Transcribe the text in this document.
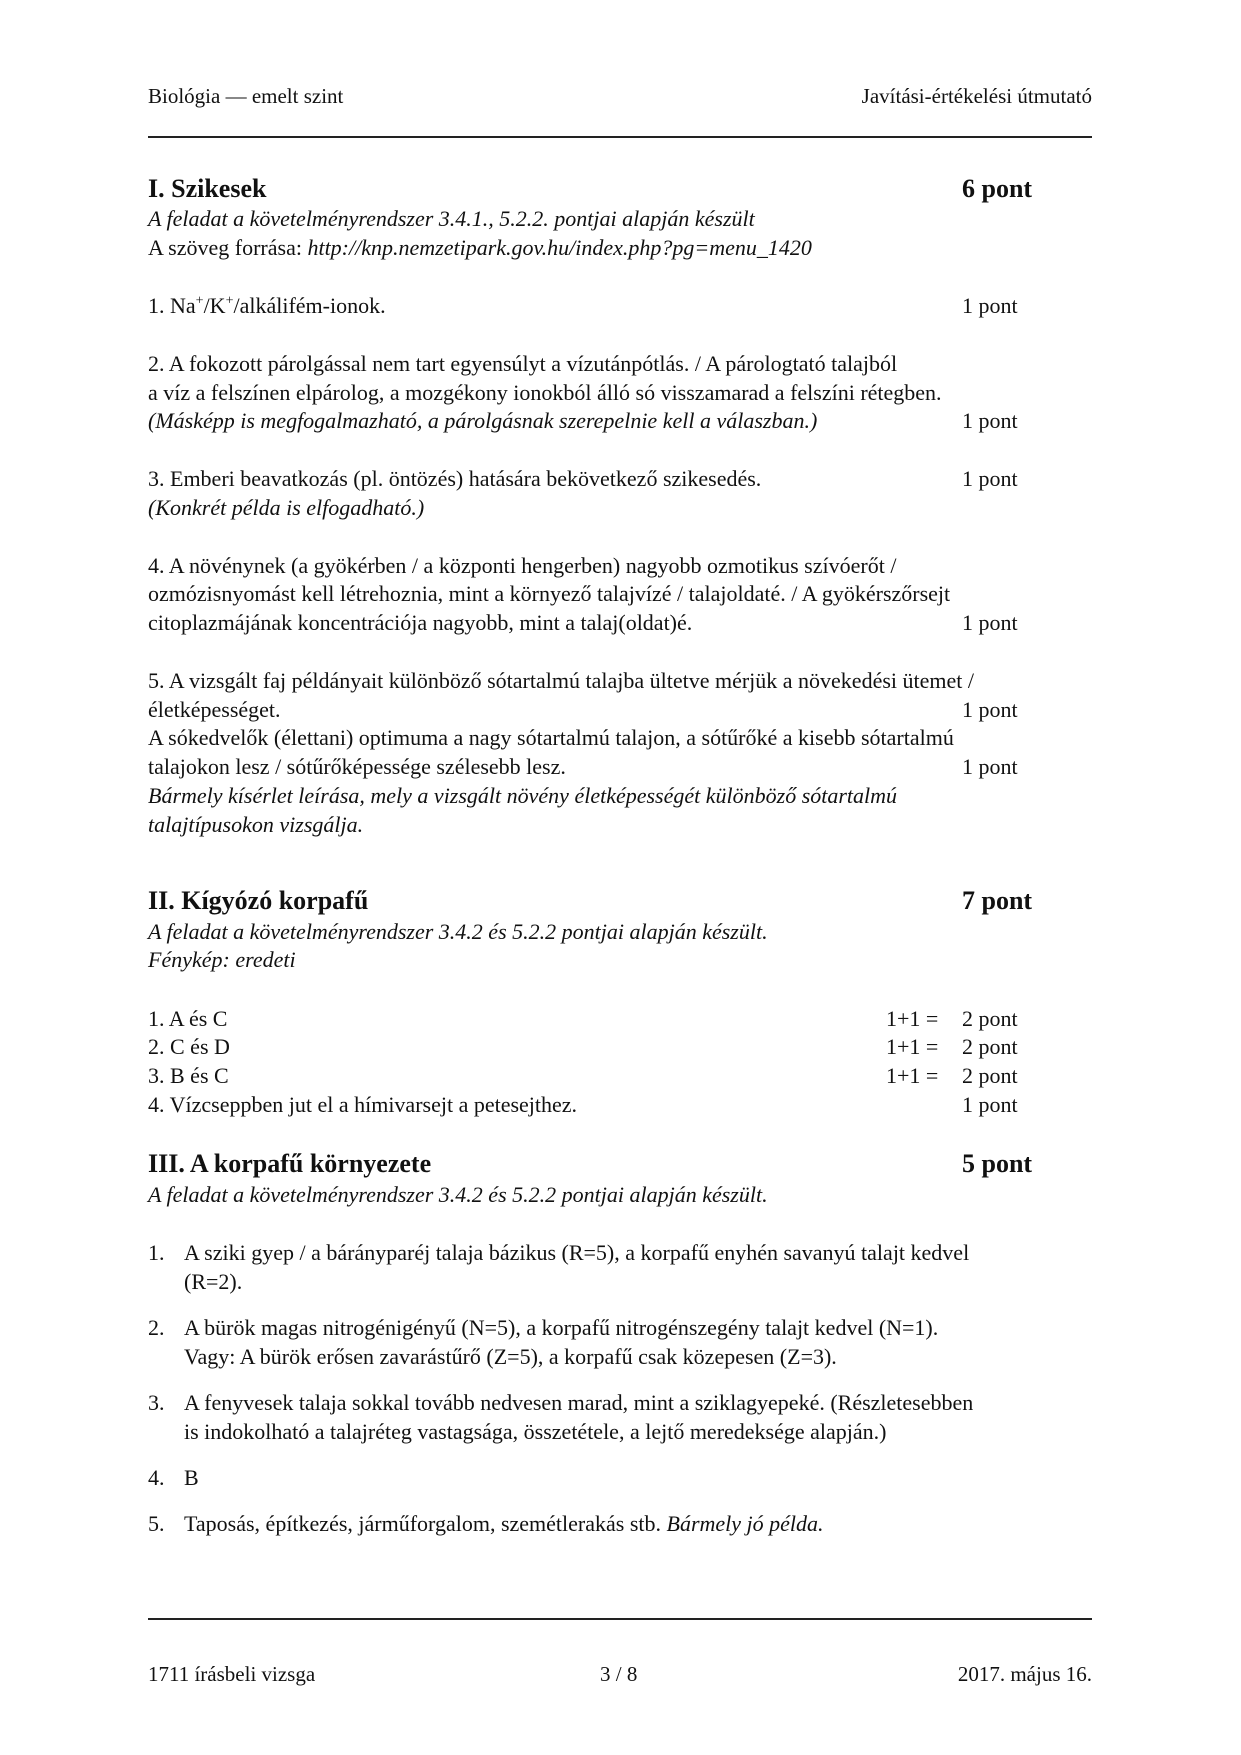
Biológia — emelt szint	Javítási-értékelési útmutató
I. Szikesek	6 pont
A feladat a követelményrendszer 3.4.1., 5.2.2. pontjai alapján készült
A szöveg forrása: http://knp.nemzetipark.gov.hu/index.php?pg=menu_1420
1. Na+/K+/alkálifém-ionok.	1 pont
2. A fokozott párolgással nem tart egyensúlyt a vízutánpótlás. / A párologtató talajból
a víz a felszínen elpárolog, a mozgékony ionokból álló só visszamarad a felszíni rétegben.
(Másképp is megfogalmazható, a párolgásnak szerepelnie kell a válaszban.)	1 pont
3. Emberi beavatkozás (pl. öntözés) hatására bekövetkező szikesedés.	1 pont
(Konkrét példa is elfogadható.)
4. A növénynek (a gyökérben / a központi hengerben) nagyobb ozmotikus szívóerőt /
ozmózisnyomást kell létrehoznia, mint a környező talajvízé / talajoldaté. / A gyökérszőrsejt
citoplazmájának koncentrációja nagyobb, mint a talaj(oldat)é.	1 pont
5. A vizsgált faj példányait különböző sótartalmú talajba ültetve mérjük a növekedési ütemet /
életképességet.	1 pont
A sókedvelők (élettani) optimuma a nagy sótartalmú talajon, a sótűrőké a kisebb sótartalmú
talajokon lesz / sótűrőképessége szélesebb lesz.	1 pont
Bármely kísérlet leírása, mely a vizsgált növény életképességét különböző sótartalmú
talajtípusokon vizsgálja.
II. Kígyózó korpafű	7 pont
A feladat a követelményrendszer 3.4.2 és 5.2.2 pontjai alapján készült.
Fénykép: eredeti
1. A és C	1+1 = 2 pont
2. C és D	1+1 = 2 pont
3. B és C	1+1 = 2 pont
4. Vízcseppben jut el a hímivarsejt a petesejthez.	1 pont
III. A korpafű környezete	5 pont
A feladat a követelményrendszer 3.4.2 és 5.2.2 pontjai alapján készült.
1. A sziki gyep / a bárányparéj talaja bázikus (R=5), a korpafű enyhén savanyú talajt kedvel
(R=2).
2. A bürök magas nitrogénigényű (N=5), a korpafű nitrogénszegény talajt kedvel (N=1).
Vagy: A bürök erősen zavarástűrő (Z=5), a korpafű csak közepesen (Z=3).
3. A fenyvesek talaja sokkal tovább nedvesen marad, mint a sziklagyepeké. (Részletesebben
is indokolható a talajréteg vastagsága, összetétele, a lejtő meredeksége alapján.)
4. B
5. Taposás, építkezés, járműforgalom, szemétlerakás stb. Bármely jó példa.
1711 írásbeli vizsga	3 / 8	2017. május 16.
